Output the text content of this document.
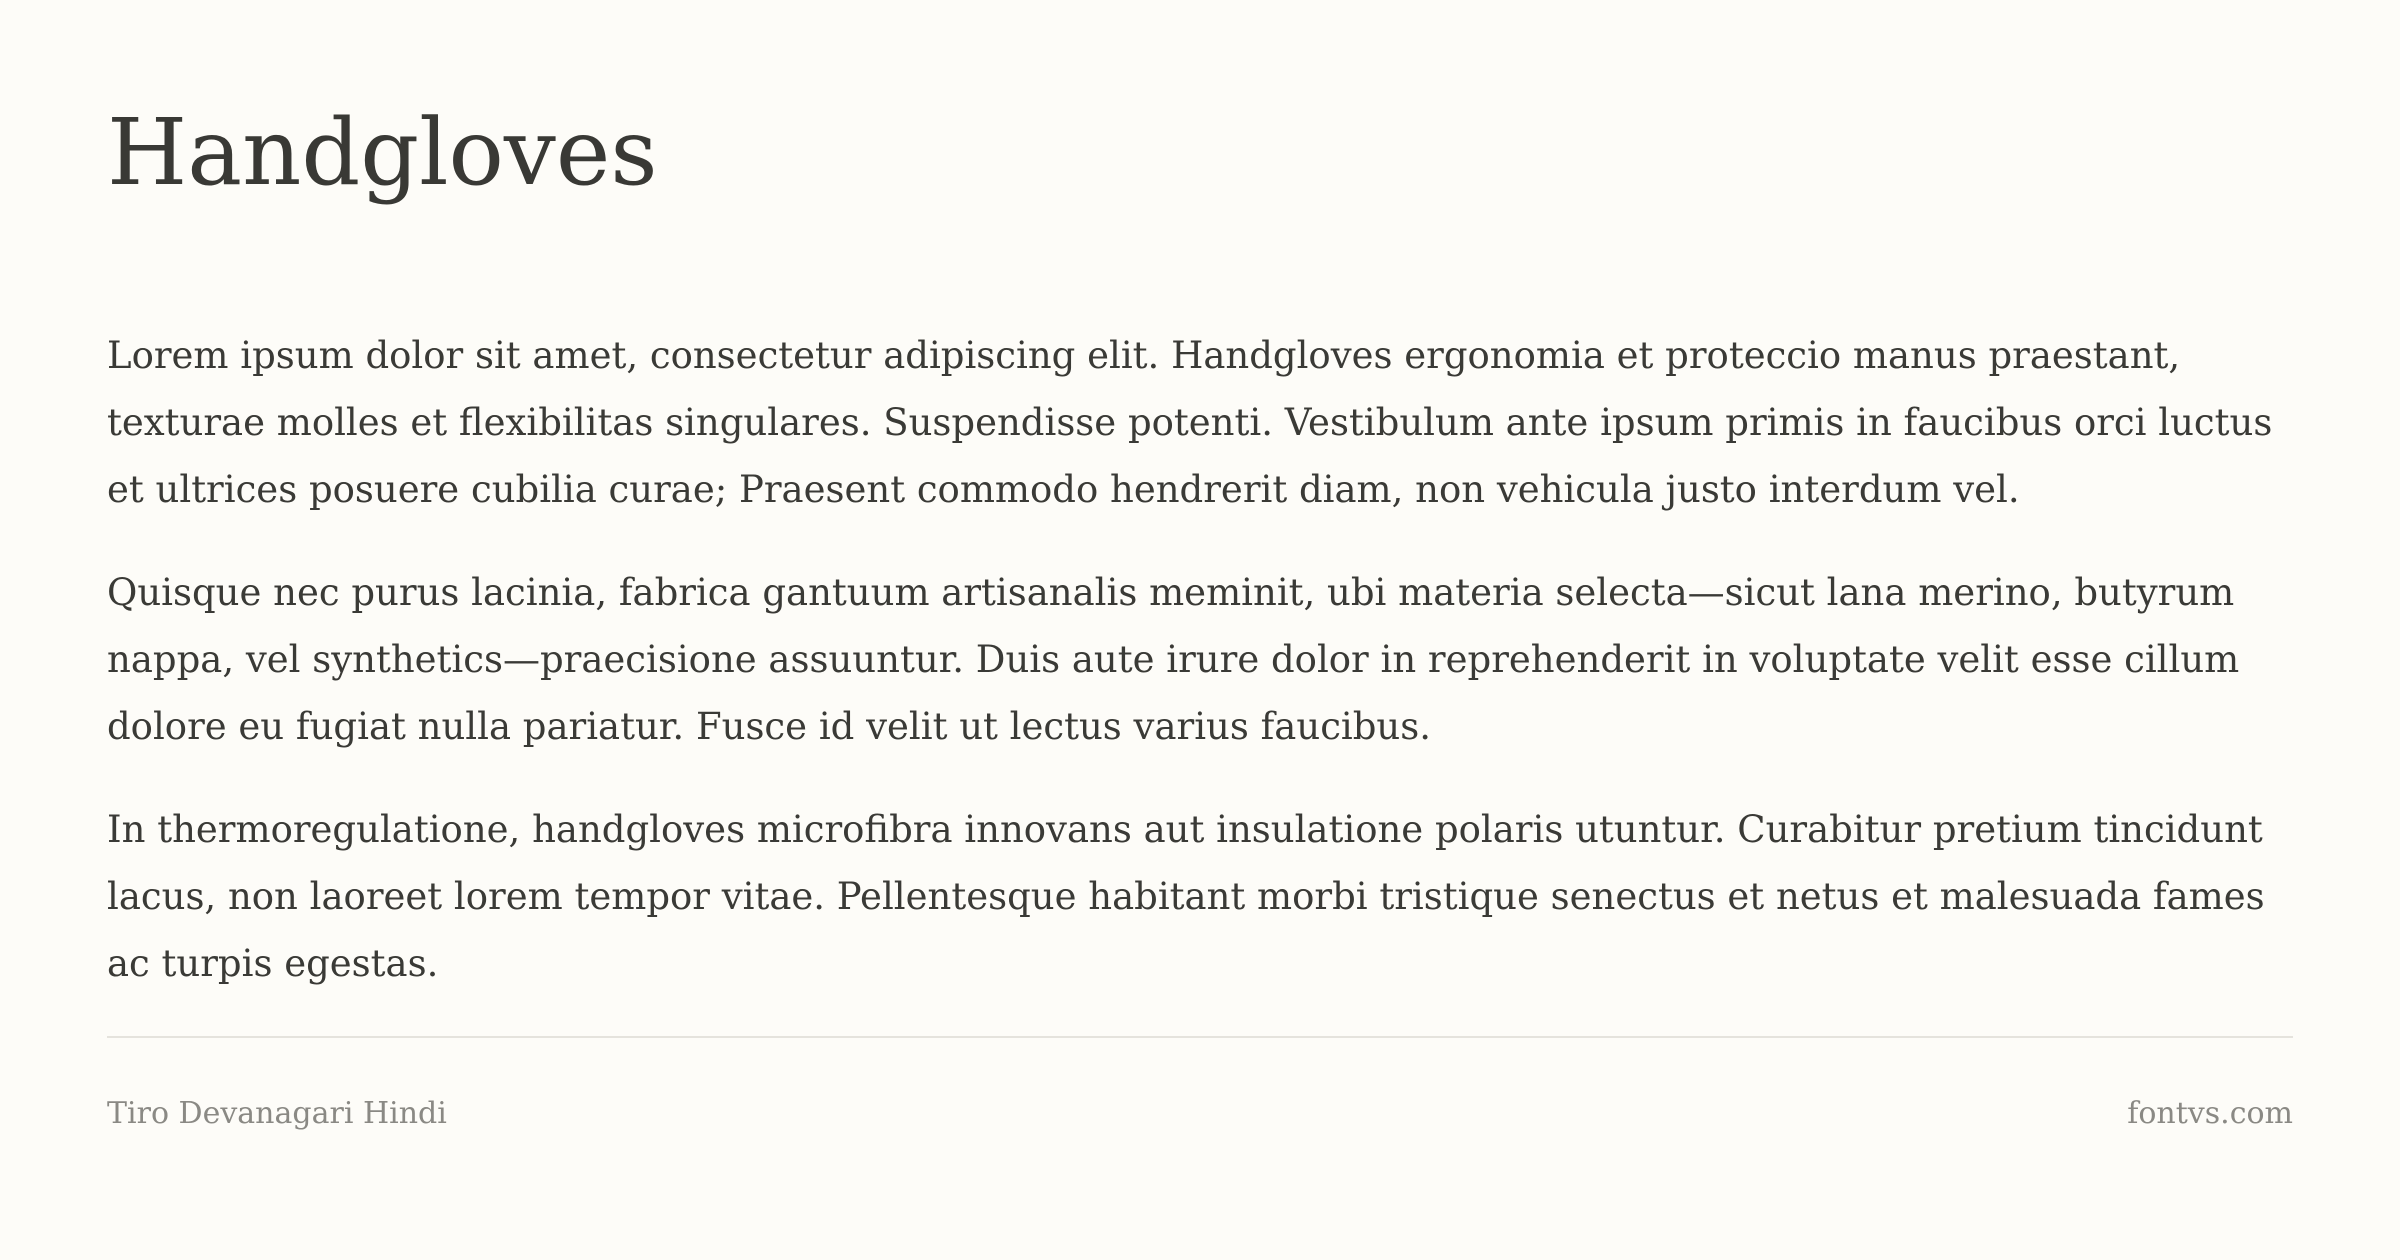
Handgloves

Lorem ipsum dolor sit amet, consectetur adipiscing elit. Handgloves ergonomia et proteccio manus praestant, texturae molles et flexibilitas singulares. Suspendisse potenti. Vestibulum ante ipsum primis in faucibus orci luctus et ultrices posuere cubilia curae; Praesent commodo hendrerit diam, non vehicula justo interdum vel.

Quisque nec purus lacinia, fabrica gantuum artisanalis meminit, ubi materia selecta—sicut lana merino, butyrum nappa, vel synthetics—praecisione assuuntur. Duis aute irure dolor in reprehenderit in voluptate velit esse cillum dolore eu fugiat nulla pariatur. Fusce id velit ut lectus varius faucibus.

In thermoregulatione, handgloves microfibra innovans aut insulatione polaris utuntur. Curabitur pretium tincidunt lacus, non laoreet lorem tempor vitae. Pellentesque habitant morbi tristique senectus et netus et malesuada fames ac turpis egestas.

Tiro Devanagari Hindi	fontvs.com
